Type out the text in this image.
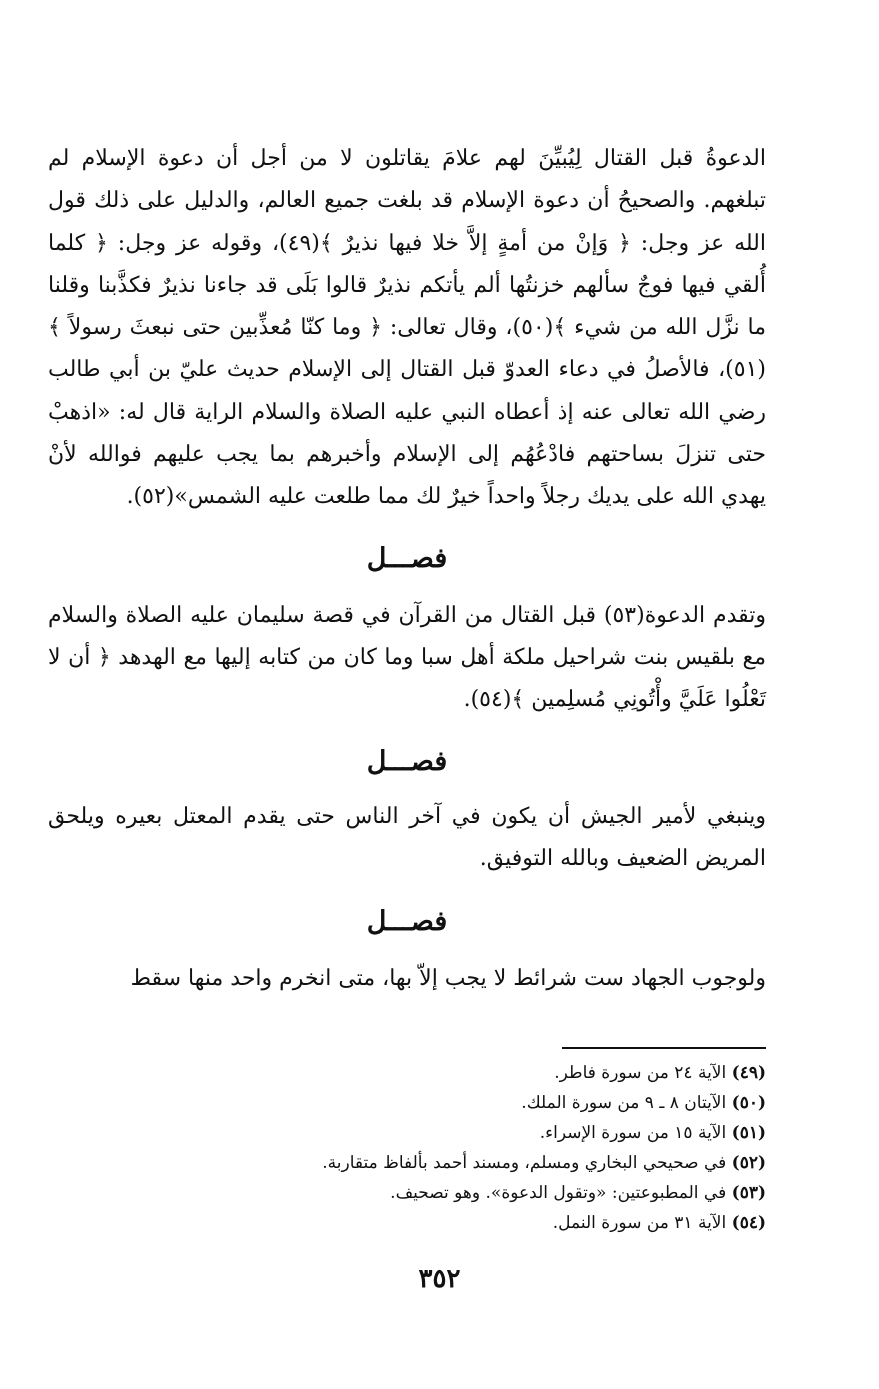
الدعوةُ قبل القتال لِيُبيِّنَ لهم علامَ يقاتلون لا من أجل أن دعوة الإسلام لم تبلغهم. والصحيحُ أن دعوة الإسلام قد بلغت جميع العالم، والدليل على ذلك قول الله عز وجل: ﴿ وَإنْ من أمةٍ إلاَّ خلا فيها نذيرٌ ﴾(٤٩)، وقوله عز وجل: ﴿ كلما أُلقي فيها فوجٌ سألهم خزنتُها ألم يأتكم نذيرٌ قالوا بَلَى قد جاءنا نذيرٌ فكذَّبنا وقلنا ما نزَّل الله من شيء ﴾(٥٠)، وقال تعالى: ﴿ وما كنّا مُعذِّبين حتى نبعثَ رسولاً ﴾(٥١)، فالأصلُ في دعاء العدوّ قبل القتال إلى الإسلام حديث عليّ بن أبي طالب رضي الله تعالى عنه إذ أعطاه النبي عليه الصلاة والسلام الراية قال له: «اذهبْ حتى تنزلَ بساحتهم فادْعُهُم إلى الإسلام وأخبرهم بما يجب عليهم فوالله لأنْ يهدي الله على يديك رجلاً واحداً خيرٌ لك مما طلعت عليه الشمس»(٥٢).

فصـــل

وتقدم الدعوة(٥٣) قبل القتال من القرآن في قصة سليمان عليه الصلاة والسلام مع بلقيس بنت شراحيل ملكة أهل سبا وما كان من كتابه إليها مع الهدهد ﴿ أن لا تَعْلُوا عَلَيَّ وأْتُونِي مُسلِمين ﴾(٥٤).

فصـــل

وينبغي لأمير الجيش أن يكون في آخر الناس حتى يقدم المعتل بعيره ويلحق المريض الضعيف وبالله التوفيق.

فصـــل

ولوجوب الجهاد ست شرائط لا يجب إلاّ بها، متى انخرم واحد منها سقط

(٤٩) الآية ٢٤ من سورة فاطر.
(٥٠) الآيتان ٨ ـ ٩ من سورة الملك.
(٥١) الآية ١٥ من سورة الإسراء.
(٥٢) في صحيحي البخاري ومسلم، ومسند أحمد بألفاظ متقاربة.
(٥٣) في المطبوعتين: «وتقول الدعوة». وهو تصحيف.
(٥٤) الآية ٣١ من سورة النمل.
٣٥٢
